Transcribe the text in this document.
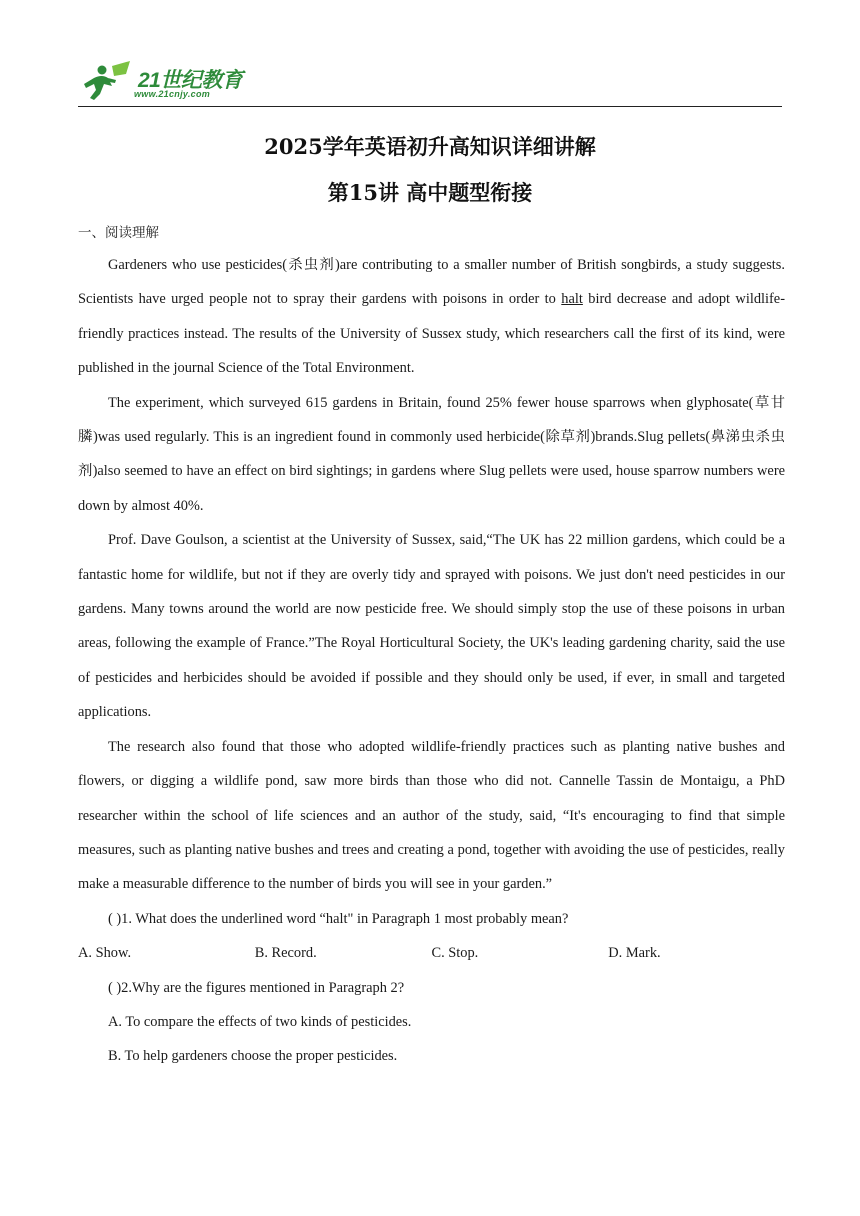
21世纪教育
www.21cnjy.com
2025学年英语初升高知识详细讲解
第15讲 高中题型衔接
一、阅读理解

Gardeners who use pesticides(杀虫剂)are contributing to a smaller number of British songbirds, a study suggests. Scientists have urged people not to spray their gardens with poisons in order to halt bird decrease and adopt wildlife-friendly practices instead. The results of the University of Sussex study, which researchers call the first of its kind, were published in the journal Science of the Total Environment.

The experiment, which surveyed 615 gardens in Britain, found 25% fewer house sparrows when glyphosate(草甘膦)was used regularly. This is an ingredient found in commonly used herbicide(除草剂)brands.Slug pellets(鼻涕虫杀虫剂)also seemed to have an effect on bird sightings; in gardens where Slug pellets were used, house sparrow numbers were down by almost 40%.

Prof. Dave Goulson, a scientist at the University of Sussex, said,“The UK has 22 million gardens, which could be a fantastic home for wildlife, but not if they are overly tidy and sprayed with poisons. We just don't need pesticides in our gardens. Many towns around the world are now pesticide free. We should simply stop the use of these poisons in urban areas, following the example of France.”The Royal Horticultural Society, the UK's leading gardening charity, said the use of pesticides and herbicides should be avoided if possible and they should only be used, if ever, in small and targeted applications.

The research also found that those who adopted wildlife-friendly practices such as planting native bushes and flowers, or digging a wildlife pond, saw more birds than those who did not. Cannelle Tassin de Montaigu, a PhD researcher within the school of life sciences and an author of the study, said, “It's encouraging to find that simple measures, such as planting native bushes and trees and creating a pond, together with avoiding the use of pesticides, really make a measurable difference to the number of birds you will see in your garden.”

( )1. What does the underlined word “halt" in Paragraph 1 most probably mean?

A. Show.	B. Record.	C. Stop.	D. Mark.

( )2.Why are the figures mentioned in Paragraph 2?

A. To compare the effects of two kinds of pesticides.

B. To help gardeners choose the proper pesticides.
